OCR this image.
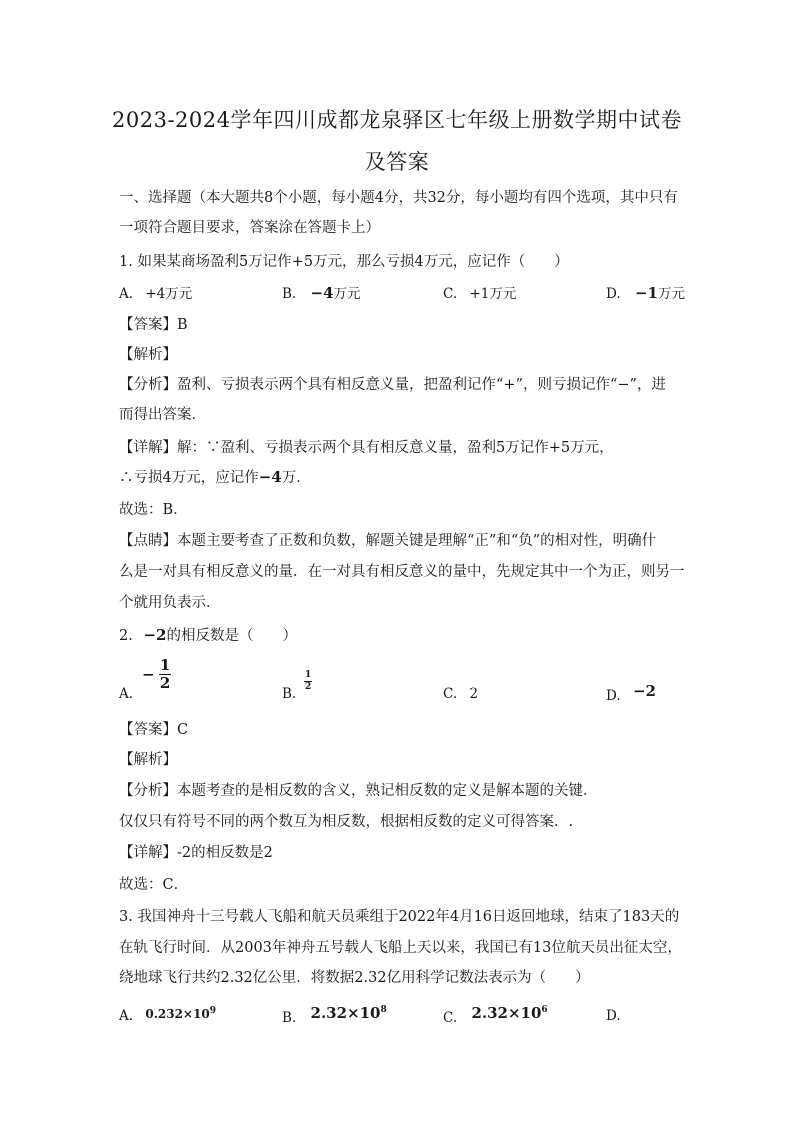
2023-2024学年四川成都龙泉驿区七年级上册数学期中试卷
及答案
一、选择题（本大题共8个小题，每小题4分，共32分，每小题均有四个选项，其中只有
一项符合题目要求，答案涂在答题卡上）
1. 如果某商场盈利5万记作+5万元，那么亏损4万元，应记作（　　）
A. +4万元	B. −4万元	C. +1万元	D. −1万元
【答案】B
【解析】
【分析】盈利、亏损表示两个具有相反意义量，把盈利记作“+”，则亏损记作“−”，进
而得出答案．
【详解】解：∵盈利、亏损表示两个具有相反意义量，盈利5万记作+5万元，
∴亏损4万元，应记作−4万．
故选：B．
【点睛】本题主要考查了正数和负数，解题关键是理解“正”和“负”的相对性，明确什
么是一对具有相反意义的量．在一对具有相反意义的量中，先规定其中一个为正，则另一
个就用负表示．
2. −2的相反数是（　　）
A.
− $\frac{1}{2}$
B.
$\frac{1}{2}$
C. 2	D. −2
【答案】C
【解析】
【分析】本题考查的是相反数的含义，熟记相反数的定义是解本题的关键．
仅仅只有符号不同的两个数互为相反数，根据相反数的定义可得答案．.
【详解】-2的相反数是2
故选：C．
3. 我国神舟十三号载人飞船和航天员乘组于2022年4月16日返回地球，结束了183天的
在轨飞行时间．从2003年神舟五号载人飞船上天以来，我国已有13位航天员出征太空，
绕地球飞行共约2.32亿公里．将数据2.32亿用科学记数法表示为（　　）
A. $0.232\times 10^9$	B. $2.32\times 10^8$	C. $2.32\times 10^6$	D.
